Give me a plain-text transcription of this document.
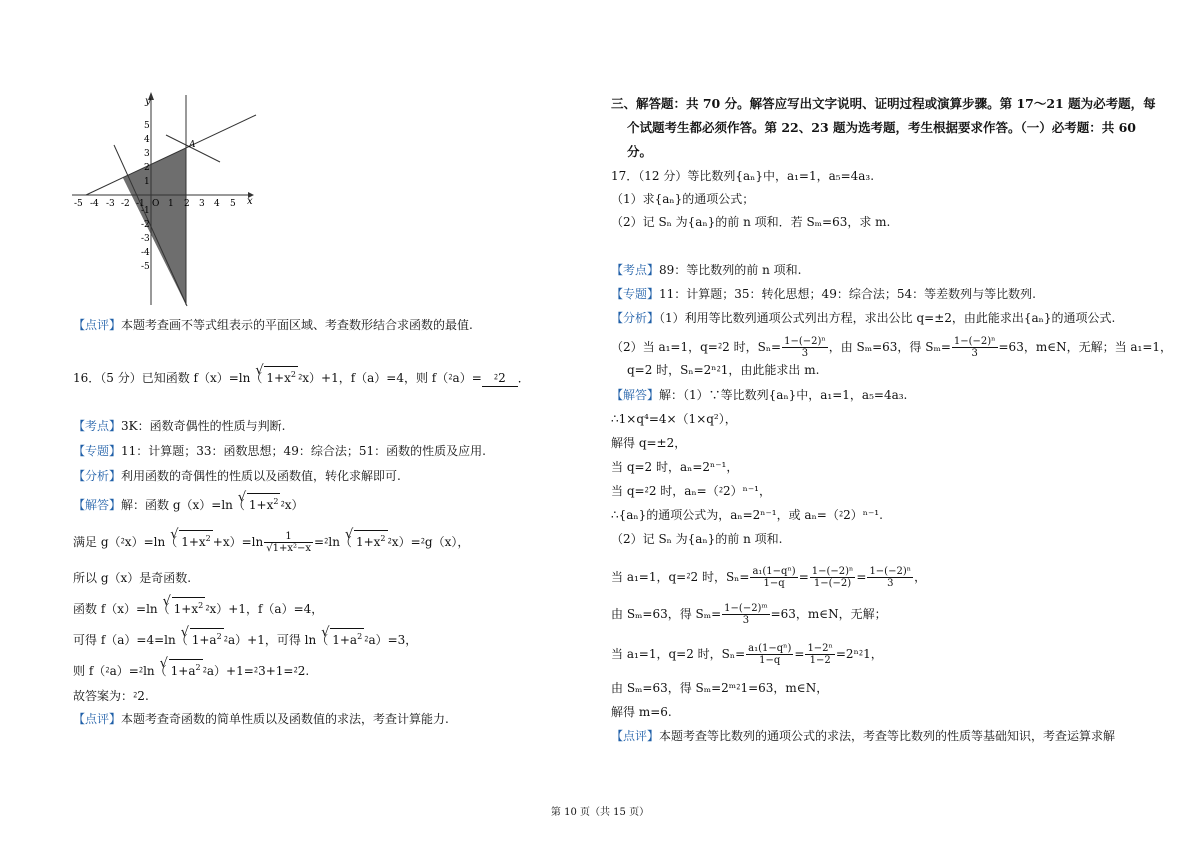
y
x
A
-5 -4 -3 -2 -1 O 1 2 3 4 5
5
4
3
2
1
-1
-2
-3
-4
-5
【点评】本题考查画不等式组表示的平面区域、考查数形结合求函数的最值.
16．（5 分）已知函数 f（x）=ln（ √ $1+x^2$ ⁲x）+1，f（a）=4，则 f（⁲a）= ⁲2 ．
【考点】3K：函数奇偶性的性质与判断.
【专题】11：计算题；33：函数思想；49：综合法；51：函数的性质及应用.
【分析】利用函数的奇偶性的性质以及函数值，转化求解即可.
【解答】解：函数 g（x）=ln（ √ $1+x^2$ ⁲x）
满足 g（⁲x）=ln（ √ $1+x^2 +x)=\ln \frac{1}{\text{√1+x²−x}}$ =⁲ln（ √ $1+x^2$ ⁲x）=⁲g（x），
所以 g（x）是奇函数.
函数 f（x）=ln（ √ $1+x^2$ ⁲x）+1，f（a）=4，
可得 f（a）=4=ln（ √ $1+a^2$ ⁲a）+1，可得 ln（ √ $1+a^2$ ⁲a）=3，
则 f（⁲a）=⁲ln（ √ $1+a^2$ ⁲a）+1=⁲3+1=⁲2.
故答案为：⁲2.
【点评】本题考查奇函数的简单性质以及函数值的求法，考查计算能力.
三、解答题：共 70 分。解答应写出文字说明、证明过程或演算步骤。第 17～21 题为必考题，每
个试题考生都必须作答。第 22、23 题为选考题，考生根据要求作答。（一）必考题：共 60
分。
17．（12 分）等比数列{aₙ}中，a₁=1，a₅=4a₃.
（1）求{aₙ}的通项公式；
（2）记 Sₙ 为{aₙ}的前 n 项和．若 Sₘ=63，求 m.
【考点】89：等比数列的前 n 项和.
【专题】11：计算题；35：转化思想；49：综合法；54：等差数列与等比数列.
【分析】（1）利用等比数列通项公式列出方程，求出公比 q=±2，由此能求出{aₙ}的通项公式.
（2）当 a₁=1，q=⁲2 时，$S_n= \frac{\text{1−(−2)ⁿ}}{3}$ ，由 Sₘ=63，得 $S_m= \frac{\text{1−(−2)ⁿ}}{3} =63$，m∈N，无解；当 a₁=1，
q=2 时，Sₙ=2ⁿ⁲1，由此能求出 m.
【解答】解：（1）∵等比数列{aₙ}中，a₁=1，a₅=4a₃.
∴1×q⁴=4×（1×q²），
解得 q=±2，
当 q=2 时，aₙ=2ⁿ⁻¹，
当 q=⁲2 时，aₙ=（⁲2）ⁿ⁻¹，
∴{aₙ}的通项公式为，aₙ=2ⁿ⁻¹，或 aₙ=（⁲2）ⁿ⁻¹.
（2）记 Sₙ 为{aₙ}的前 n 项和.
当 a₁=1，q=⁲2 时，$S_n= \frac{\text{a₁(1−qⁿ)}}{1-q} = \frac{\text{1−(−2)ⁿ}}{1-(-2)} = \frac{\text{1−(−2)ⁿ}}{3}$ ，
由 Sₘ=63，得 $S_m= \frac{\text{1−(−2)ᵐ}}{3} =63$，m∈N，无解；
当 a₁=1，q=2 时，$S_n= \frac{\text{a₁(1−qⁿ)}}{1-q} = \frac{\text{1−2ⁿ}}{1-2}$ =2ⁿ⁲1，
由 Sₘ=63，得 Sₘ=2ᵐ⁲1=63，m∈N，
解得 m=6.
【点评】本题考查等比数列的通项公式的求法，考查等比数列的性质等基础知识，考查运算求解
第 10 页（共 15 页）
